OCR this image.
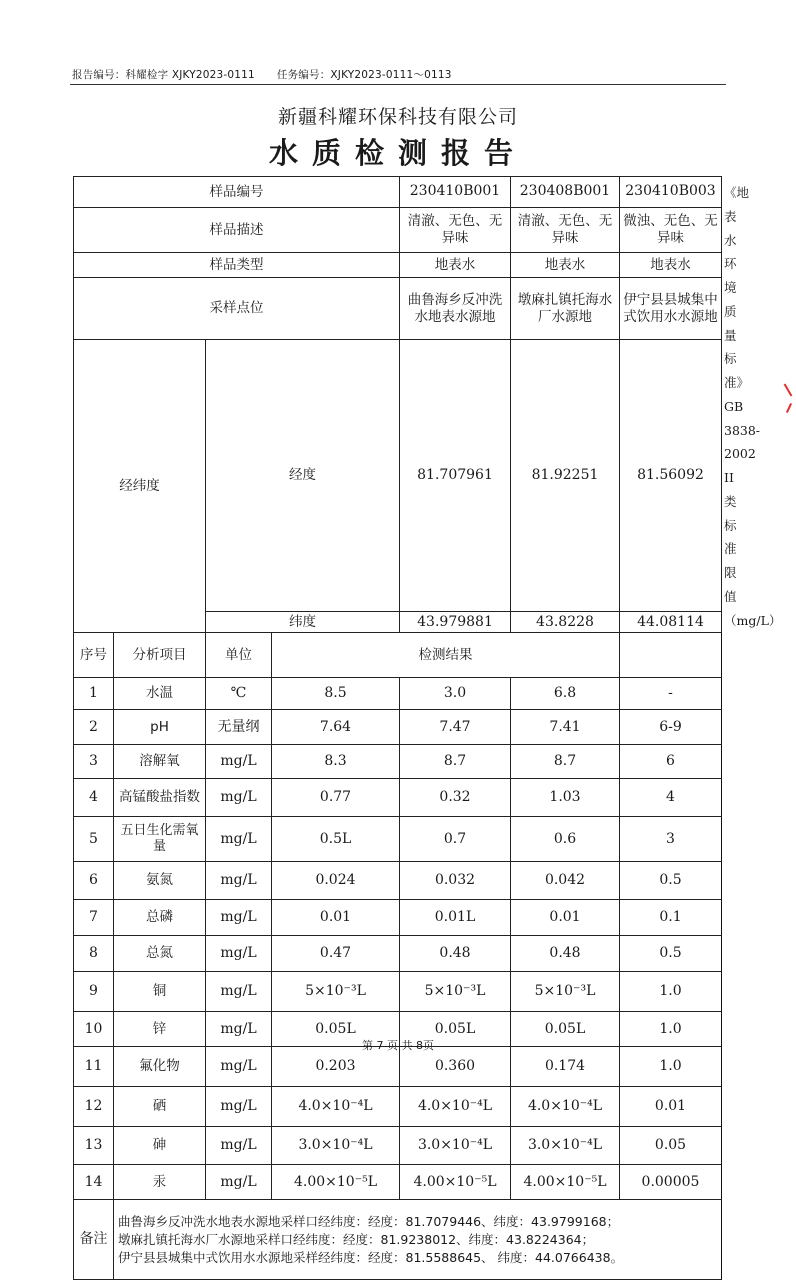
报告编号：科耀检字 XJKY2023-0111 任务编号：XJKY2023-0111～0113
新疆科耀环保科技有限公司
水质检测报告
样品编号				230410B001	230408B001	230410B003	《地表水环境质量标准》GB 3838-2002 II类标准限值（mg/L）
样品描述				清澈、无色、无异味	清澈、无色、无异味	微浊、无色、无异味	
样品类型				地表水	地表水	地表水	
采样点位				曲鲁海乡反冲洗水地表水源地	墩麻扎镇托海水厂水源地	伊宁县县城集中式饮用水水源地	
经纬度		经度		81.707961	81.92251	81.56092	
		纬度		43.979881	43.8228	44.08114	
序号	分析项目	单位	检测结果				
1	水温	℃	8.5	3.0	6.8	-	
2	pH	无量纲	7.64	7.47	7.41	6-9	
3	溶解氧	mg/L	8.3	8.7	8.7	6	
4	高锰酸盐指数	mg/L	0.77	0.32	1.03	4	
5	五日生化需氧量	mg/L	0.5L	0.7	0.6	3	
6	氨氮	mg/L	0.024	0.032	0.042	0.5	
7	总磷	mg/L	0.01	0.01L	0.01	0.1	
8	总氮	mg/L	0.47	0.48	0.48	0.5	
9	铜	mg/L	5×10⁻³L	5×10⁻³L	5×10⁻³L	1.0	
10	锌	mg/L	0.05L	0.05L	0.05L	1.0	
11	氟化物	mg/L	0.203	0.360	0.174	1.0	
12	硒	mg/L	4.0×10⁻⁴L	4.0×10⁻⁴L	4.0×10⁻⁴L	0.01	
13	砷	mg/L	3.0×10⁻⁴L	3.0×10⁻⁴L	3.0×10⁻⁴L	0.05	
14	汞	mg/L	4.00×10⁻⁵L	4.00×10⁻⁵L	4.00×10⁻⁵L	0.00005	
备注	曲鲁海乡反冲洗水地表水源地采样口经纬度：经度：81.7079446、纬度：43.9799168；
墩麻扎镇托海水厂水源地采样口经纬度：经度：81.9238012、纬度：43.8224364；
伊宁县县城集中式饮用水水源地采样经纬度：经度：81.5588645、 纬度：44.0766438。						
第 7 页 共 8页
